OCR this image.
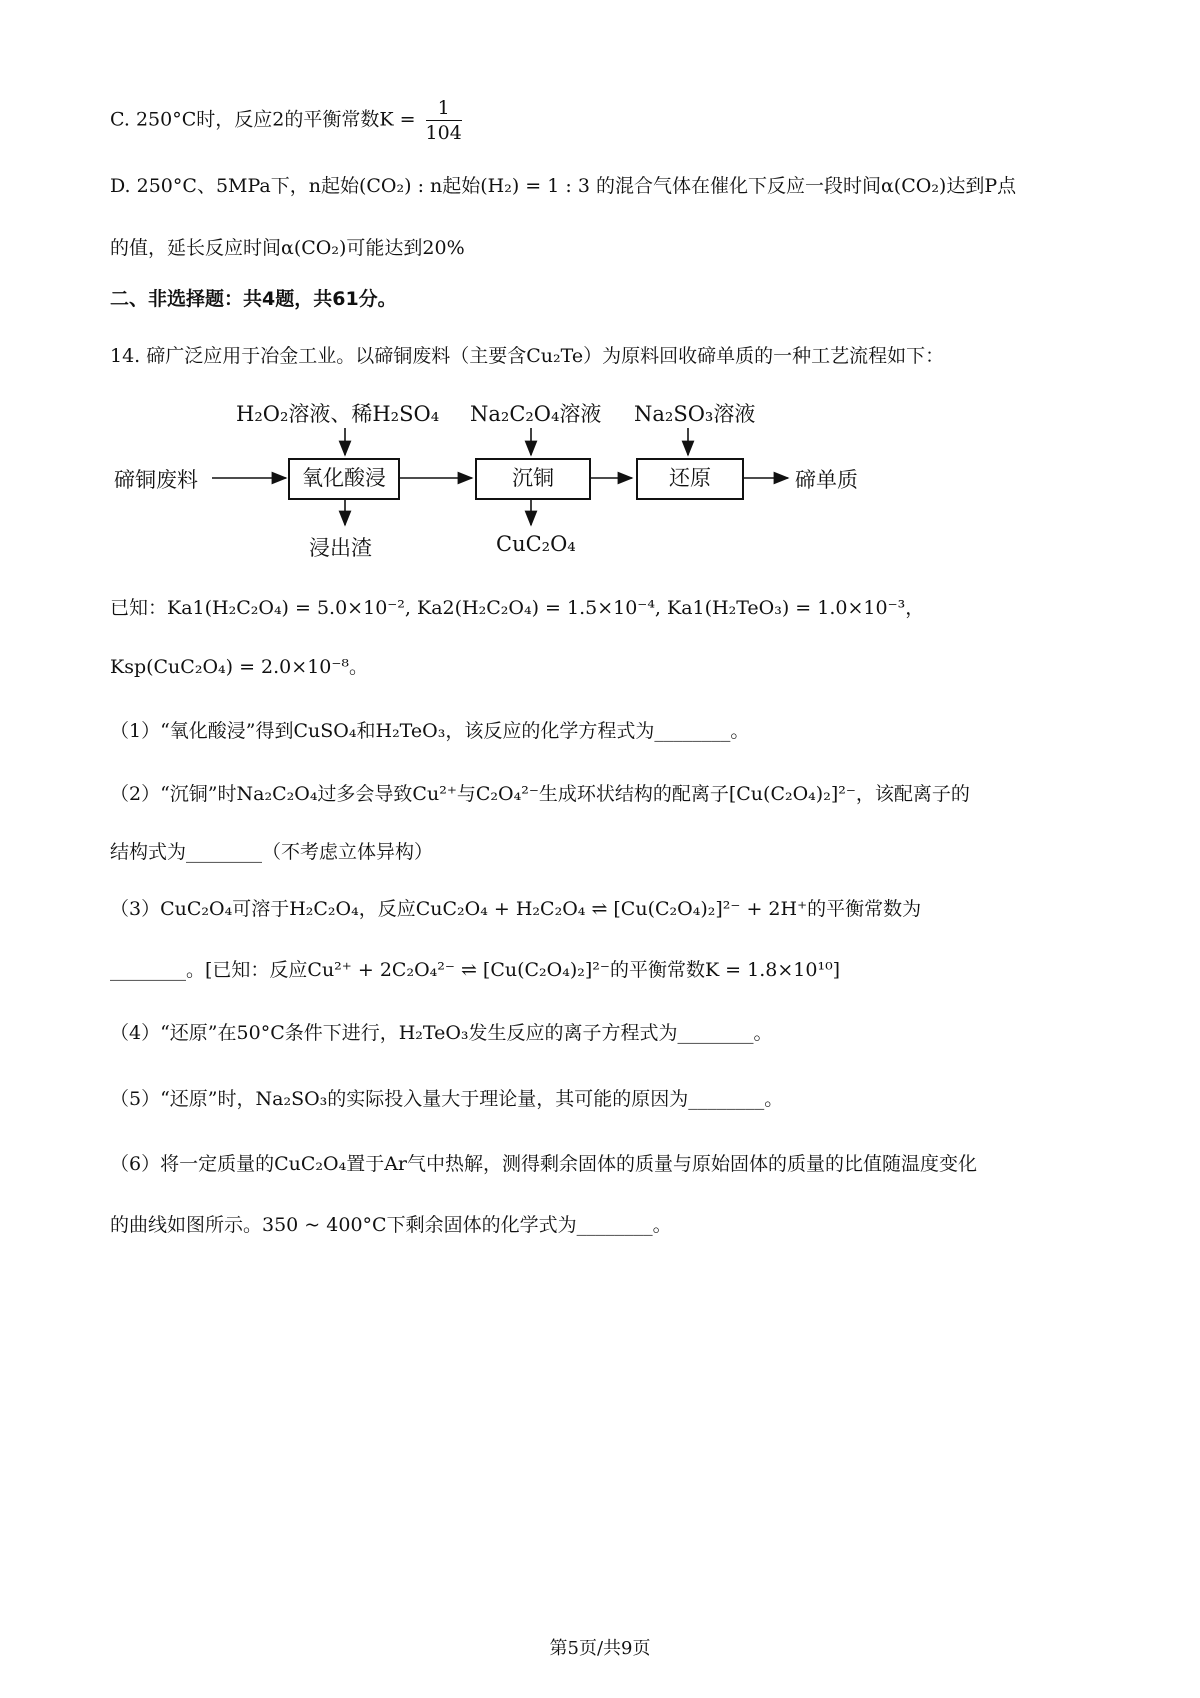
C. 250°C时，反应2的平衡常数$K = \frac{1}{104}$
D. 250°C、5MPa下，n起始(CO₂) : n起始(H₂) = 1 : 3 的混合气体在催化下反应一段时间α(CO₂)达到P点
的值，延长反应时间α(CO₂)可能达到20%
二、非选择题：共4题，共61分。
14. 碲广泛应用于冶金工业。以碲铜废料（主要含Cu₂Te）为原料回收碲单质的一种工艺流程如下：
碲铜废料	氧化酸浸	沉铜	还原	碲单质
H₂O₂溶液、稀H₂SO₄ Na₂C₂O₄溶液 Na₂SO₃溶液
浸出渣	CuC₂O₄
已知：Ka1(H₂C₂O₄) = 5.0×10⁻², Ka2(H₂C₂O₄) = 1.5×10⁻⁴, Ka1(H₂TeO₃) = 1.0×10⁻³，
Ksp(CuC₂O₄) = 2.0×10⁻⁸。
（1）“氧化酸浸”得到CuSO₄和H₂TeO₃，该反应的化学方程式为________。
（2）“沉铜”时Na₂C₂O₄过多会导致Cu²⁺与C₂O₄²⁻生成环状结构的配离子[Cu(C₂O₄)₂]²⁻，该配离子的
结构式为________（不考虑立体异构）
（3）CuC₂O₄可溶于H₂C₂O₄，反应CuC₂O₄ + H₂C₂O₄ ⇌ [Cu(C₂O₄)₂]²⁻ + 2H⁺的平衡常数为
________。[已知：反应Cu²⁺ + 2C₂O₄²⁻ ⇌ [Cu(C₂O₄)₂]²⁻的平衡常数K = 1.8×10¹⁰]
（4）“还原”在50°C条件下进行，H₂TeO₃发生反应的离子方程式为________。
（5）“还原”时，Na₂SO₃的实际投入量大于理论量，其可能的原因为________。
（6）将一定质量的CuC₂O₄置于Ar气中热解，测得剩余固体的质量与原始固体的质量的比值随温度变化
的曲线如图所示。350 ~ 400°C下剩余固体的化学式为________。
第5页/共9页
